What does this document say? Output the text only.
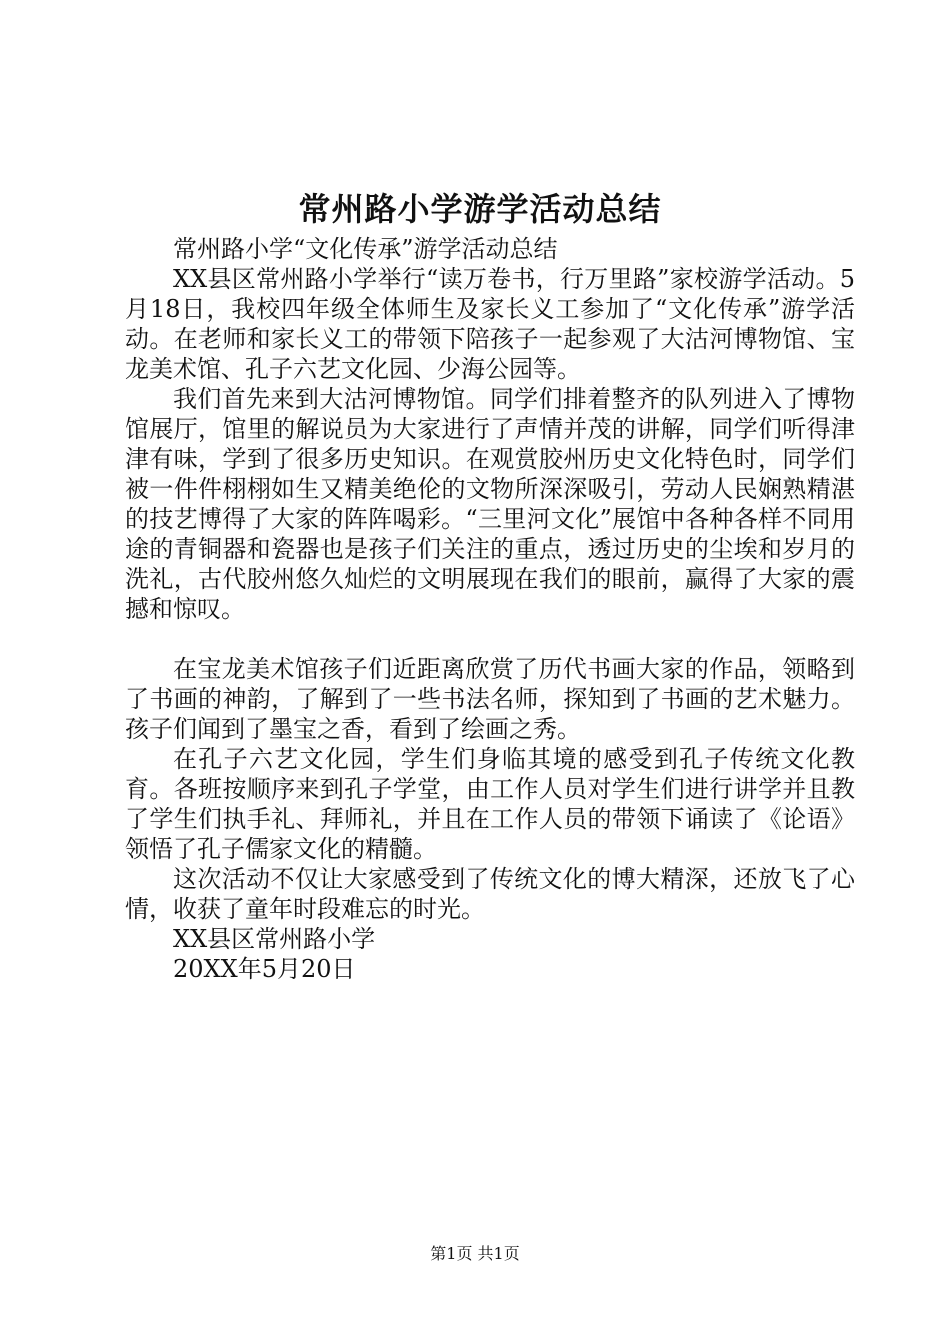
常州路小学游学活动总结

常州路小学“文化传承”游学活动总结

XX县区常州路小学举行“读万卷书，行万里路”家校游学活动。5月18日，我校四年级全体师生及家长义工参加了“文化传承”游学活动。在老师和家长义工的带领下陪孩子一起参观了大沽河博物馆、宝龙美术馆、孔子六艺文化园、少海公园等。

我们首先来到大沽河博物馆。同学们排着整齐的队列进入了博物馆展厅，馆里的解说员为大家进行了声情并茂的讲解，同学们听得津津有味，学到了很多历史知识。在观赏胶州历史文化特色时，同学们被一件件栩栩如生又精美绝伦的文物所深深吸引，劳动人民娴熟精湛的技艺博得了大家的阵阵喝彩。“三里河文化”展馆中各种各样不同用途的青铜器和瓷器也是孩子们关注的重点，透过历史的尘埃和岁月的洗礼，古代胶州悠久灿烂的文明展现在我们的眼前，赢得了大家的震撼和惊叹。

在宝龙美术馆孩子们近距离欣赏了历代书画大家的作品，领略到了书画的神韵，了解到了一些书法名师，探知到了书画的艺术魅力。孩子们闻到了墨宝之香，看到了绘画之秀。

在孔子六艺文化园，学生们身临其境的感受到孔子传统文化教育。各班按顺序来到孔子学堂，由工作人员对学生们进行讲学并且教了学生们执手礼、拜师礼，并且在工作人员的带领下诵读了《论语》领悟了孔子儒家文化的精髓。

这次活动不仅让大家感受到了传统文化的博大精深，还放飞了心情，收获了童年时段难忘的时光。

XX县区常州路小学

20XX年5月20日

第1页 共1页
